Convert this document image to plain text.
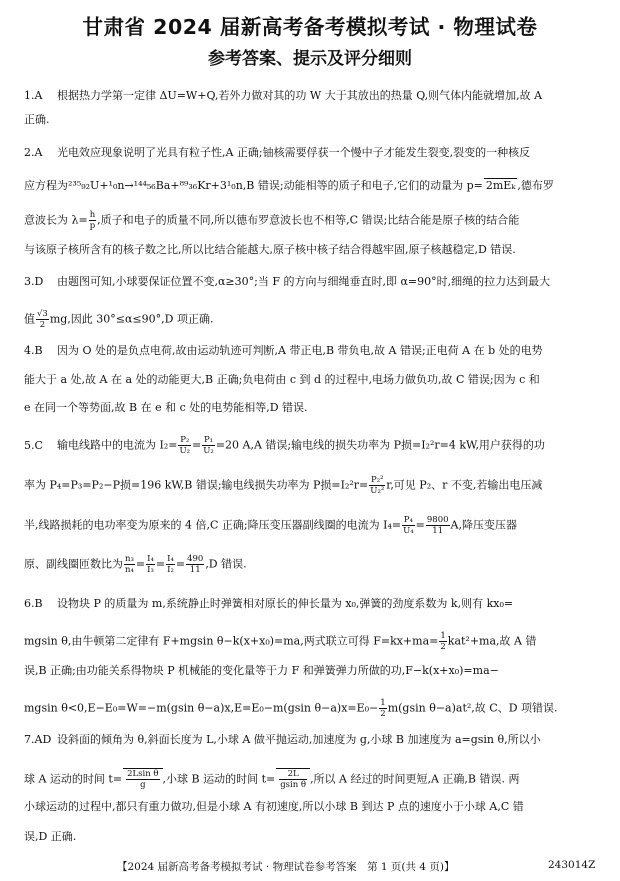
甘肃省 2024 届新高考备考模拟考试 · 物理试卷
参考答案、提示及评分细则
1.A 根据热力学第一定律 ΔU=W+Q,若外力做对其的功 W 大于其放出的热量 Q,则气体内能就增加,故 A
正确.
2.A 光电效应现象说明了光具有粒子性,A 正确;铀核需要俘获一个慢中子才能发生裂变,裂变的一种核反
应方程为²³⁵₉₂U+¹₀n→¹⁴⁴₅₆Ba+⁸⁹₃₆Kr+3¹₀n,B 错误;动能相等的质子和电子,它们的动量为 p= 2mEₖ ,德布罗
意波长为 $\lambda= \frac{h}{p}$ ,质子和电子的质量不同,所以德布罗意波长也不相等,C 错误;比结合能是原子核的结合能
与该原子核所含有的核子数之比,所以比结合能越大,原子核中核子结合得越牢固,原子核越稳定,D 错误.
3.D 由题图可知,小球要保证位置不变,α≥30°;当 F 的方向与细绳垂直时,即 α=90°时,细绳的拉力达到最大
值 $\frac{√3}{2}$ mg,因此 30°≤α≤90°,D 项正确.
4.B 因为 O 处的是负点电荷,故由运动轨迹可判断,A 带正电,B 带负电,故 A 错误;正电荷 A 在 b 处的电势
能大于 a 处,故 A 在 a 处的动能更大,B 正确;负电荷由 c 到 d 的过程中,电场力做负功,故 C 错误;因为 c 和
e 在同一个等势面,故 B 在 e 和 c 处的电势能相等,D 错误.
5.C 输电线路中的电流为 $I_2= \frac{\text{P₂}}{\text{U₂}} = \frac{\text{P₁}}{\text{U₂}} =20$ A,A 错误;输电线的损失功率为 P损=I₂²r=4 kW,用户获得的功
率为 P₄=P₃=P₂−P损=196 kW,B 错误;输电线损失功率为 P损$=I_2^2r= \frac{\text{P₂²}}{\text{U₂²}} r$,可见 P₂、r 不变,若输出电压减
半,线路损耗的电功率变为原来的 4 倍,C 正确;降压变压器副线圈的电流为 $I_4= \frac{\text{P₄}}{\text{U₄}} = \frac{9800}{11} A$,降压变压器
原、副线圈匝数比为 $\frac{\text{n₃}}{\text{n₄}} = \frac{\text{I₄}}{\text{I₃}} = \frac{\text{I₄}}{\text{I₂}} = \frac{490}{11} ,D$ 错误.
6.B 设物块 P 的质量为 m,系统静止时弹簧相对原长的伸长量为 x₀,弹簧的劲度系数为 k,则有 kx₀=
mgsin θ,由牛顿第二定律有 F+mgsin θ−k(x+x₀)=ma,两式联立可得 $F=kx+ma= \frac{1}{2} kat^2+ma$,故 A 错
误,B 正确;由功能关系得物块 P 机械能的变化量等于力 F 和弹簧弹力所做的功,F−k(x+x₀)=ma−
mgsin θ<0,E−E₀=W=−m(gsin θ−a)x,E=E₀−m(gsin $\theta-a)x=E_0- \frac{1}{2} m(gsin$ θ−a)at²,故 C、D 项错误.
7.AD 设斜面的倾角为 θ,斜面长度为 L,小球 A 做平抛运动,加速度为 g,小球 B 加速度为 a=gsin θ,所以小
球 A 运动的时间 $t= \frac{\text{2Lsin θ}}{g}$ ,小球 B 运动的时间 $t= \frac{2L}{\text{gsin θ}}$ ,所以 A 经过的时间更短,A 正确,B 错误. 两
小球运动的过程中,都只有重力做功,但是小球 A 有初速度,所以小球 B 到达 P 点的速度小于小球 A,C 错
误,D 正确.
【2024 届新高考备考模拟考试 · 物理试卷参考答案　第 1 页(共 4 页)】	243014Z
